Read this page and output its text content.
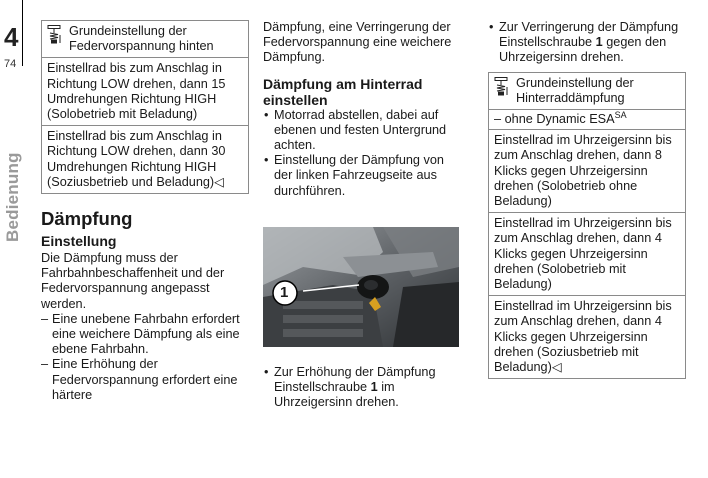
4
74
Bedienung
Grundeinstellung der Federvorspannung hinten
Einstellrad bis zum Anschlag in Richtung LOW drehen, dann 15 Umdrehungen Richtung HIGH (Solobetrieb mit Beladung)
Einstellrad bis zum Anschlag in Richtung LOW drehen, dann 30 Umdrehungen Richtung HIGH (Soziusbetrieb und Beladung)◁
Dämpfung
Einstellung

Die Dämpfung muss der Fahrbahnbeschaffenheit und der Federvorspannung angepasst werden.

– Eine unebene Fahrbahn erfordert eine weichere Dämpfung als eine ebene Fahrbahn.
– Eine Erhöhung der Federvorspannung erfordert eine härtere

Dämpfung, eine Verringerung der Federvorspannung eine weichere Dämpfung.

Dämpfung am Hinterrad einstellen
• Motorrad abstellen, dabei auf ebenen und festen Untergrund achten.
• Einstellung der Dämpfung von der linken Fahrzeugseite aus durchführen.
1
• Zur Erhöhung der Dämpfung Einstellschraube 1 im Uhrzeigersinn drehen.
• Zur Verringerung der Dämpfung Einstellschraube 1 gegen den Uhrzeigersinn drehen.
Grundeinstellung der Hinterraddämpfung
– ohne Dynamic $ESA^{SA}$
Einstellrad im Uhrzeigersinn bis zum Anschlag drehen, dann 8 Klicks gegen Uhrzeigersinn drehen (Solobetrieb ohne Beladung)
Einstellrad im Uhrzeigersinn bis zum Anschlag drehen, dann 4 Klicks gegen Uhrzeigersinn drehen (Solobetrieb mit Beladung)
Einstellrad im Uhrzeigersinn bis zum Anschlag drehen, dann 4 Klicks gegen Uhrzeigersinn drehen (Soziusbetrieb mit Beladung)◁
